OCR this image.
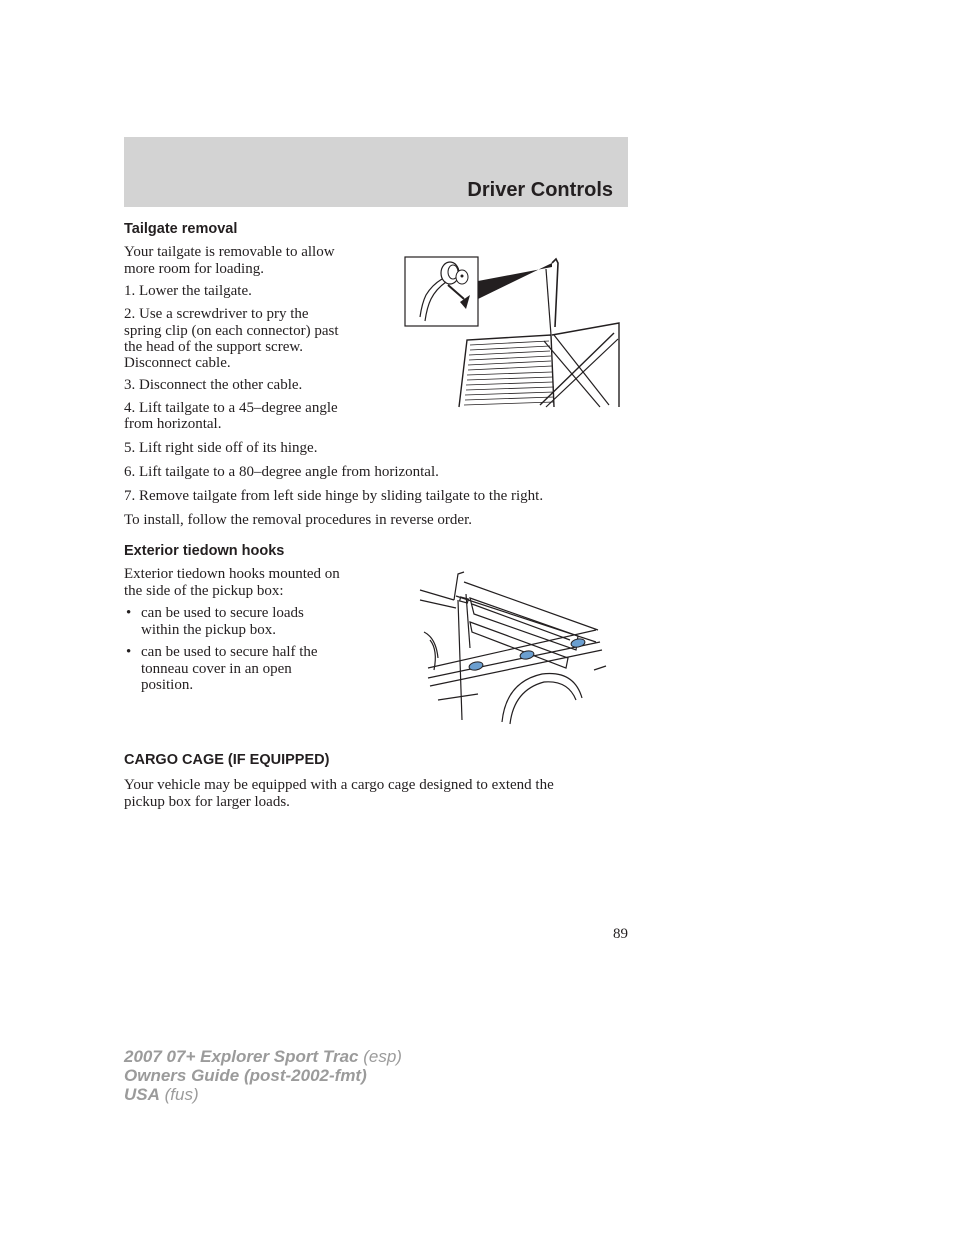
Driver Controls
Tailgate removal
Your tailgate is removable to allow
more room for loading.
1. Lower the tailgate.
2. Use a screwdriver to pry the
spring clip (on each connector) past
the head of the support screw.
Disconnect cable.
3. Disconnect the other cable.
4. Lift tailgate to a 45–degree angle
from horizontal.
5. Lift right side off of its hinge.
6. Lift tailgate to a 80–degree angle from horizontal.
7. Remove tailgate from left side hinge by sliding tailgate to the right.
To install, follow the removal procedures in reverse order.
Exterior tiedown hooks
Exterior tiedown hooks mounted on
the side of the pickup box:
• can be used to secure loads
within the pickup box.
• can be used to secure half the
tonneau cover in an open
position.
CARGO CAGE (IF EQUIPPED)
Your vehicle may be equipped with a cargo cage designed to extend the
pickup box for larger loads.
89
2007 07+ Explorer Sport Trac (esp)
Owners Guide (post-2002-fmt)
USA (fus)
